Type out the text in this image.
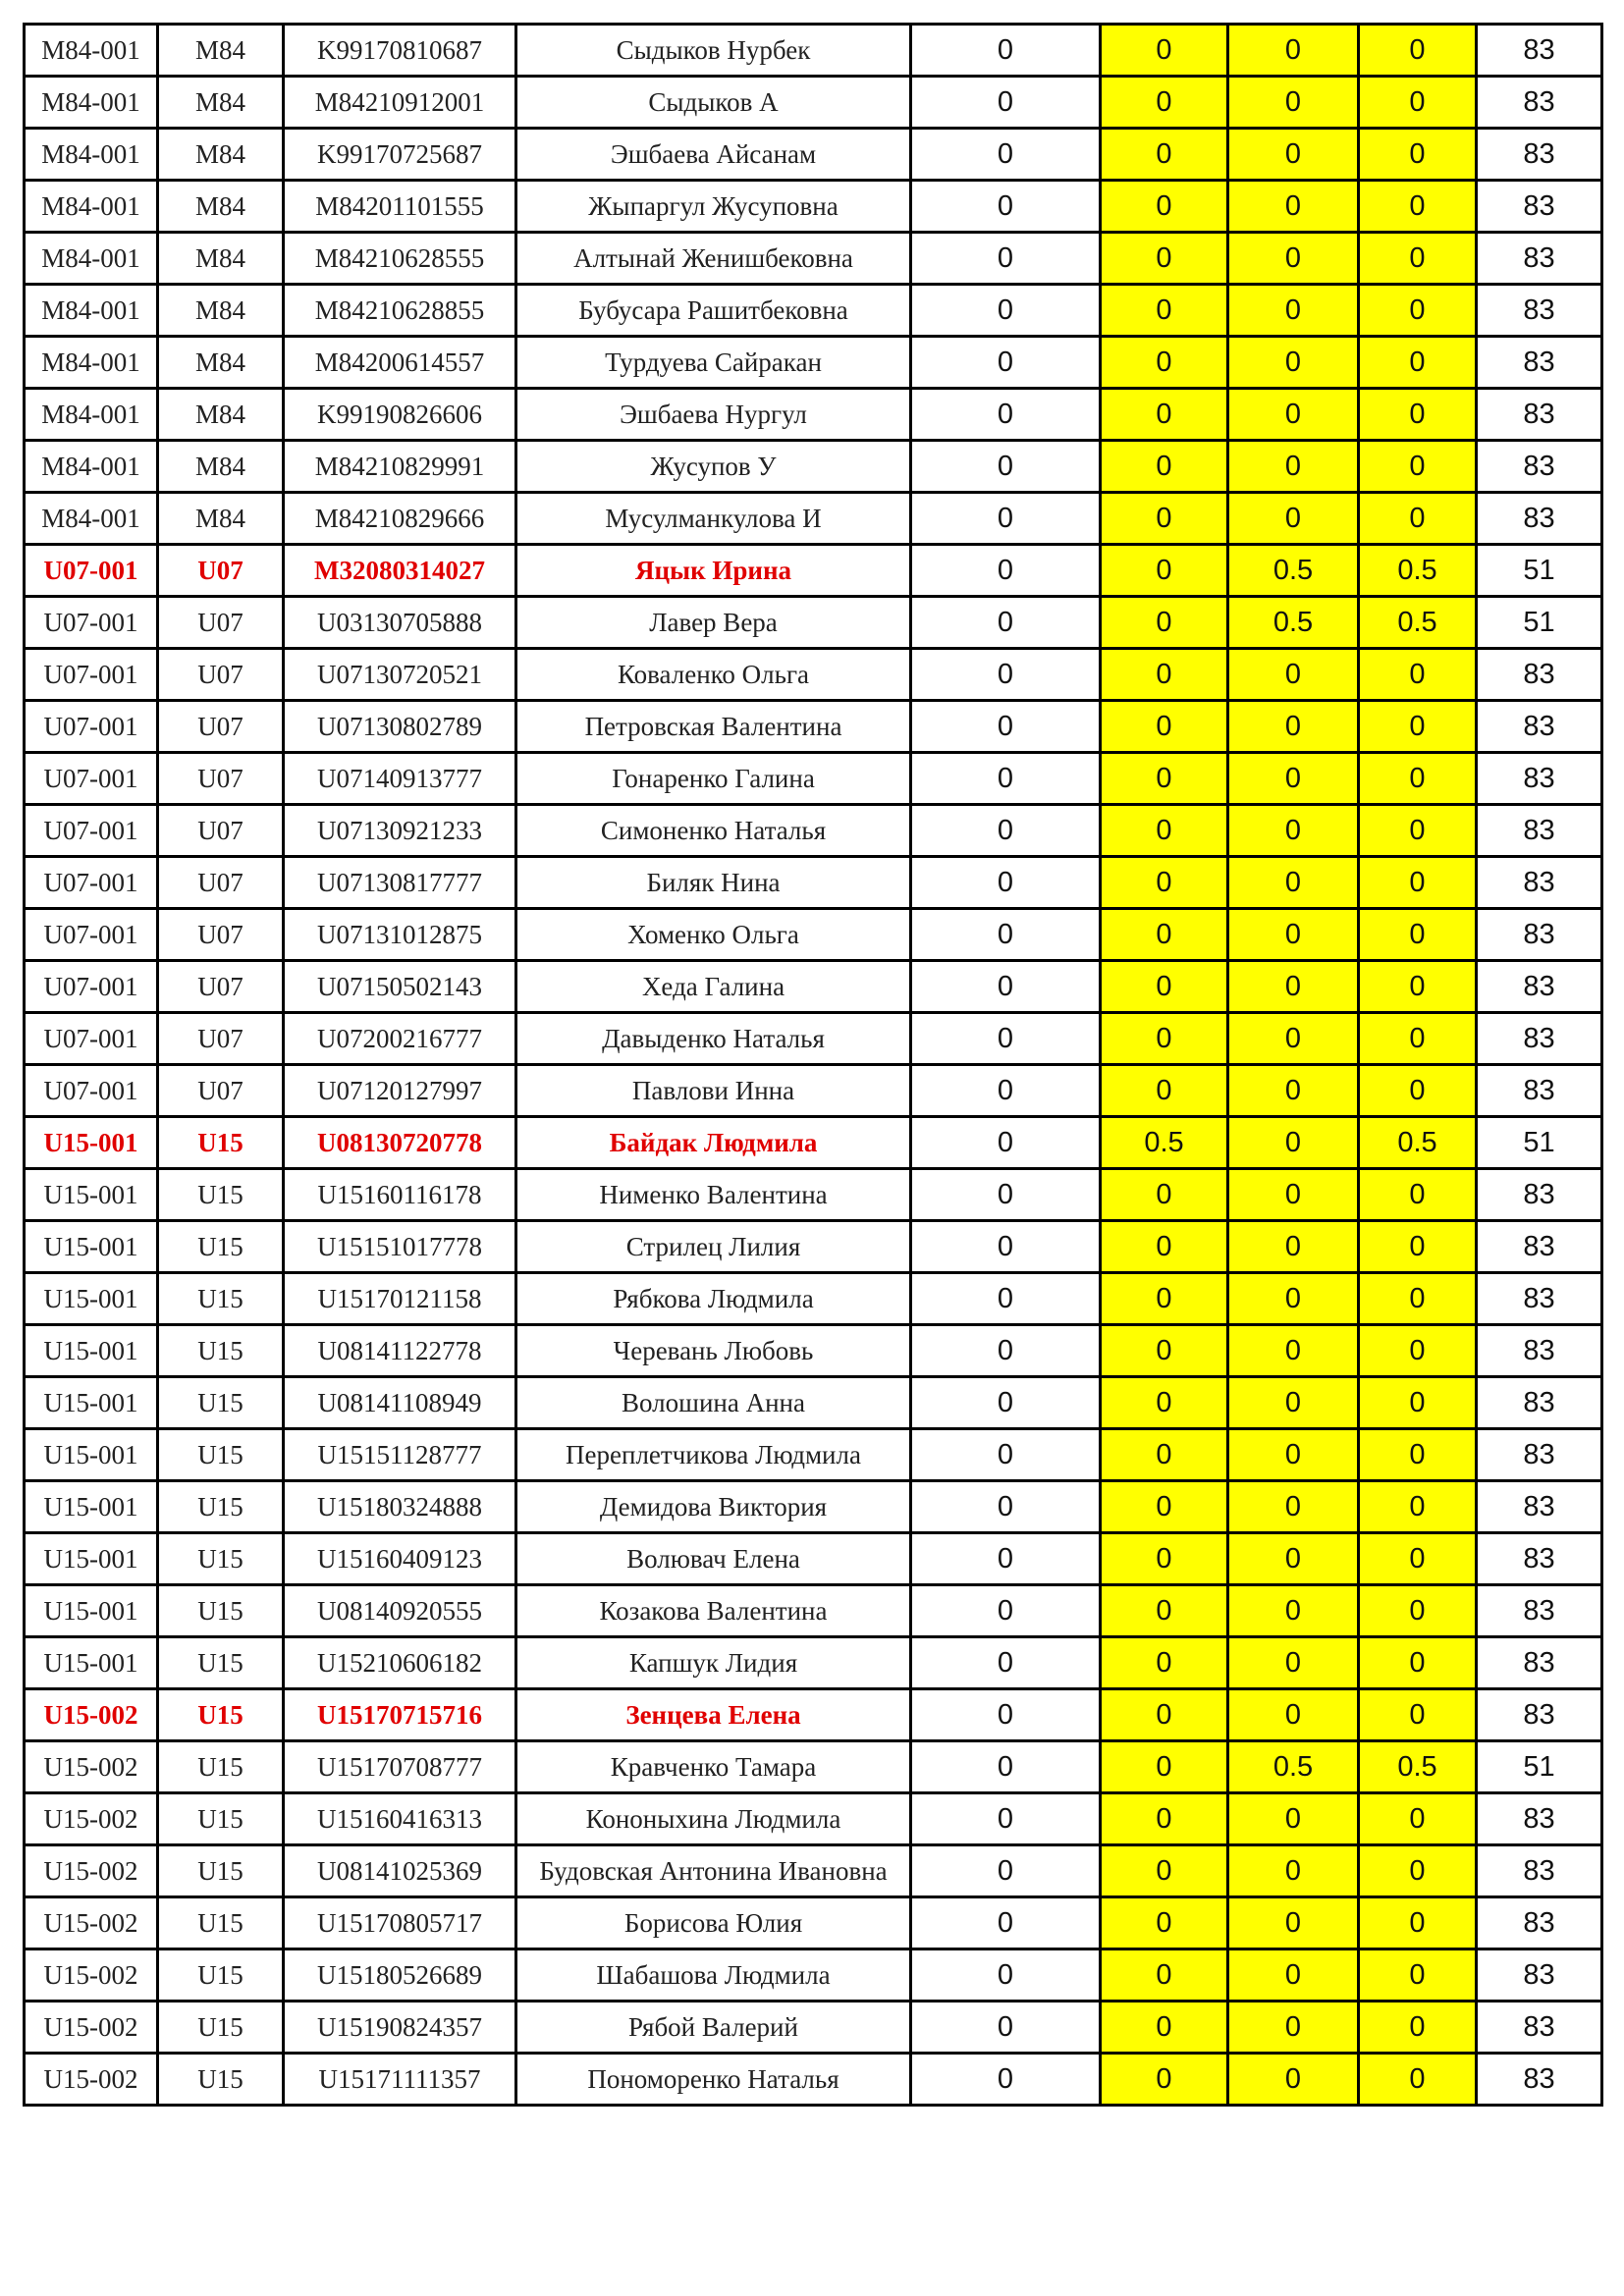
M84-001	M84	K99170810687	Сыдыков Нурбек	0	0	0	0	83
M84-001	M84	M84210912001	Сыдыков А	0	0	0	0	83
M84-001	M84	K99170725687	Эшбаева Айсанам	0	0	0	0	83
M84-001	M84	M84201101555	Жыпаргул Жусуповна	0	0	0	0	83
M84-001	M84	M84210628555	Алтынай Женишбековна	0	0	0	0	83
M84-001	M84	M84210628855	Бубусара Рашитбековна	0	0	0	0	83
M84-001	M84	M84200614557	Турдуева Сайракан	0	0	0	0	83
M84-001	M84	K99190826606	Эшбаева Нургул	0	0	0	0	83
M84-001	M84	M84210829991	Жусупов У	0	0	0	0	83
M84-001	M84	M84210829666	Мусулманкулова И	0	0	0	0	83
U07-001	U07	M32080314027	Яцык Ирина	0	0	0.5	0.5	51
U07-001	U07	U03130705888	Лавер Вера	0	0	0.5	0.5	51
U07-001	U07	U07130720521	Коваленко Ольга	0	0	0	0	83
U07-001	U07	U07130802789	Петровская Валентина	0	0	0	0	83
U07-001	U07	U07140913777	Гонаренко Галина	0	0	0	0	83
U07-001	U07	U07130921233	Симоненко Наталья	0	0	0	0	83
U07-001	U07	U07130817777	Биляк Нина	0	0	0	0	83
U07-001	U07	U07131012875	Хоменко Ольга	0	0	0	0	83
U07-001	U07	U07150502143	Хеда Галина	0	0	0	0	83
U07-001	U07	U07200216777	Давыденко Наталья	0	0	0	0	83
U07-001	U07	U07120127997	Павлови Инна	0	0	0	0	83
U15-001	U15	U08130720778	Байдак Людмила	0	0.5	0	0.5	51
U15-001	U15	U15160116178	Нименко Валентина	0	0	0	0	83
U15-001	U15	U15151017778	Стрилец Лилия	0	0	0	0	83
U15-001	U15	U15170121158	Рябкова Людмила	0	0	0	0	83
U15-001	U15	U08141122778	Черевань Любовь	0	0	0	0	83
U15-001	U15	U08141108949	Волошина Анна	0	0	0	0	83
U15-001	U15	U15151128777	Переплетчикова Людмила	0	0	0	0	83
U15-001	U15	U15180324888	Демидова Виктория	0	0	0	0	83
U15-001	U15	U15160409123	Волювач Елена	0	0	0	0	83
U15-001	U15	U08140920555	Козакова Валентина	0	0	0	0	83
U15-001	U15	U15210606182	Капшук Лидия	0	0	0	0	83
U15-002	U15	U15170715716	Зенцева Елена	0	0	0	0	83
U15-002	U15	U15170708777	Кравченко Тамара	0	0	0.5	0.5	51
U15-002	U15	U15160416313	Кононыхина Людмила	0	0	0	0	83
U15-002	U15	U08141025369	Будовская Антонина Ивановна	0	0	0	0	83
U15-002	U15	U15170805717	Борисова Юлия	0	0	0	0	83
U15-002	U15	U15180526689	Шабашова Людмила	0	0	0	0	83
U15-002	U15	U15190824357	Рябой Валерий	0	0	0	0	83
U15-002	U15	U15171111357	Пономоренко Наталья	0	0	0	0	83
